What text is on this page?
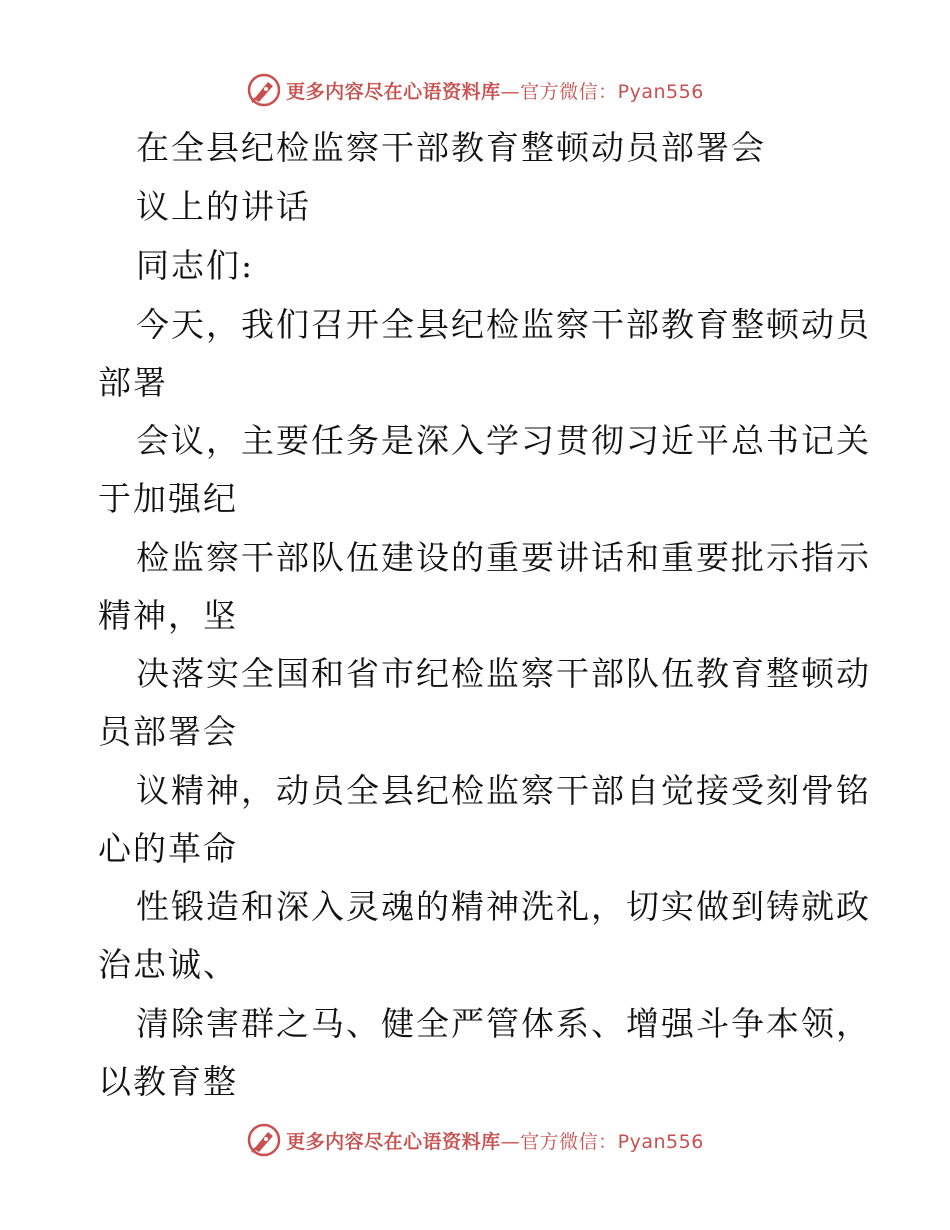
更多内容尽在心语资料库—官方微信：Pyan556
在全县纪检监察干部教育整顿动员部署会
议上的讲话
同志们:
今天，我们召开全县纪检监察干部教育整顿动员
部署
会议，主要任务是深入学习贯彻习近平总书记关
于加强纪
检监察干部队伍建设的重要讲话和重要批示指示
精神，坚
决落实全国和省市纪检监察干部队伍教育整顿动
员部署会
议精神，动员全县纪检监察干部自觉接受刻骨铭
心的革命
性锻造和深入灵魂的精神洗礼，切实做到铸就政
治忠诚、
清除害群之马、健全严管体系、增强斗争本领，
以教育整
更多内容尽在心语资料库—官方微信：Pyan556
